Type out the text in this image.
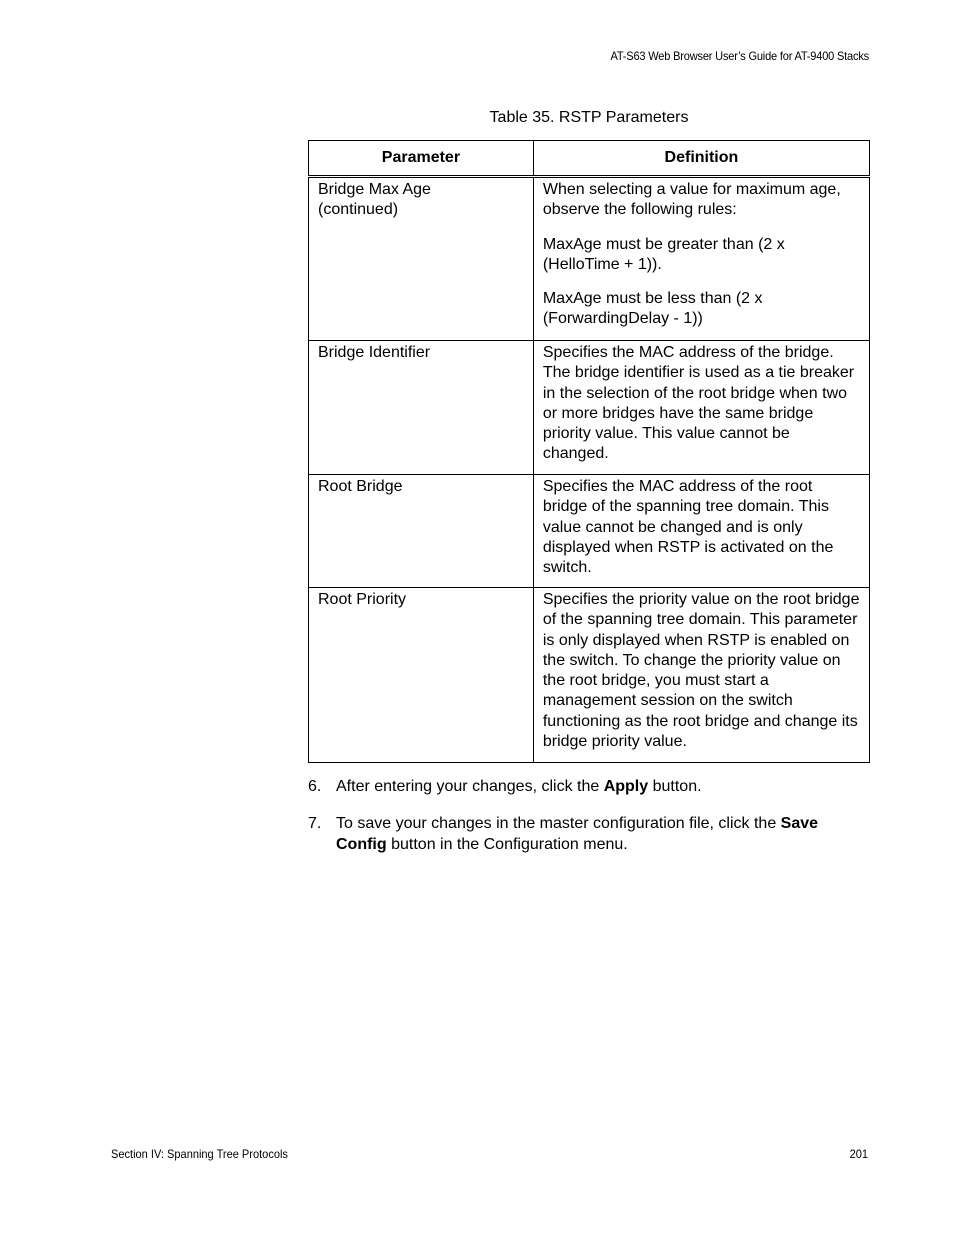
AT-S63 Web Browser User’s Guide for AT-9400 Stacks
Table 35. RSTP Parameters
Parameter	Definition
Bridge Max Age (continued)	When selecting a value for maximum age, observe the following rules:

MaxAge must be greater than (2 x (HelloTime + 1)).

MaxAge must be less than (2 x (ForwardingDelay - 1))

Bridge Identifier	Specifies the MAC address of the bridge. The bridge identifier is used as a tie breaker in the selection of the root bridge when two or more bridges have the same bridge priority value. This value cannot be changed.

Root Bridge	Specifies the MAC address of the root bridge of the spanning tree domain. This value cannot be changed and is only displayed when RSTP is activated on the switch.

Root Priority	Specifies the priority value on the root bridge of the spanning tree domain. This parameter is only displayed when RSTP is enabled on the switch. To change the priority value on the root bridge, you must start a management session on the switch functioning as the root bridge and change its bridge priority value.

6. After entering your changes, click the Apply button.
7. To save your changes in the master configuration file, click the Save Config button in the Configuration menu.
Section IV: Spanning Tree Protocols	201
